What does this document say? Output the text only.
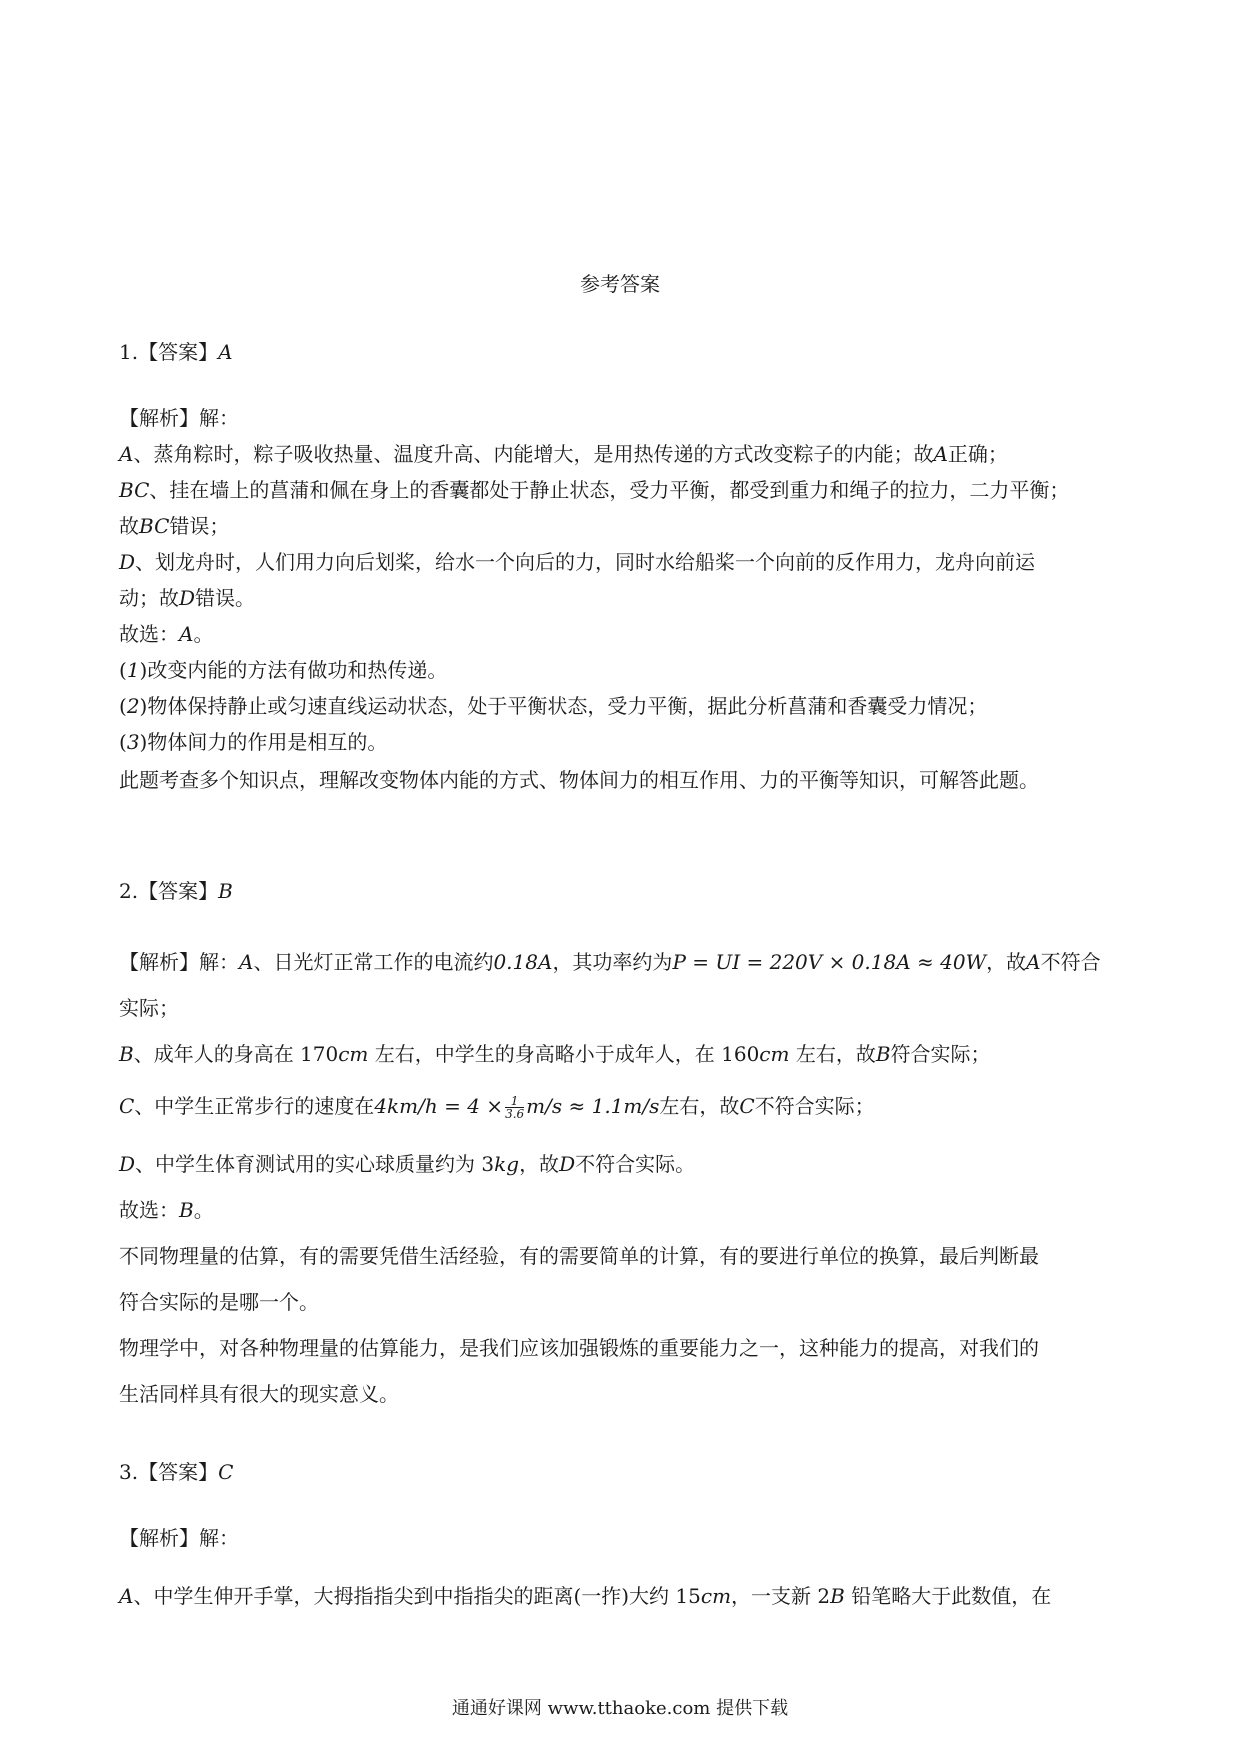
参考答案
1.【答案】A
【解析】解：
A、蒸角粽时，粽子吸收热量、温度升高、内能增大，是用热传递的方式改变粽子的内能；故A正确；
BC、挂在墙上的菖蒲和佩在身上的香囊都处于静止状态，受力平衡，都受到重力和绳子的拉力，二力平衡；
故BC错误；
D、划龙舟时，人们用力向后划桨，给水一个向后的力，同时水给船桨一个向前的反作用力，龙舟向前运
动；故D错误。
故选：A。
(1)改变内能的方法有做功和热传递。
(2)物体保持静止或匀速直线运动状态，处于平衡状态，受力平衡，据此分析菖蒲和香囊受力情况；
(3)物体间力的作用是相互的。
此题考查多个知识点，理解改变物体内能的方式、物体间力的相互作用、力的平衡等知识，可解答此题。
2.【答案】B
【解析】解：A、日光灯正常工作的电流约0.18A，其功率约为P = UI = 220V × 0.18A ≈ 40W，故A不符合
实际；
B、成年人的身高在 170cm 左右，中学生的身高略小于成年人，在 160cm 左右，故B符合实际；
C、中学生正常步行的速度在$4km/h = 4 \times \frac{1}{3.6} m/s \approx 1.1m/s$左右，故C不符合实际；
D、中学生体育测试用的实心球质量约为 3kg，故D不符合实际。
故选：B。
不同物理量的估算，有的需要凭借生活经验，有的需要简单的计算，有的要进行单位的换算，最后判断最
符合实际的是哪一个。
物理学中，对各种物理量的估算能力，是我们应该加强锻炼的重要能力之一，这种能力的提高，对我们的
生活同样具有很大的现实意义。
3.【答案】C
【解析】解：
A、中学生伸开手掌，大拇指指尖到中指指尖的距离(一拃)大约 15cm，一支新 2B 铅笔略大于此数值，在
通通好课网 www.tthaoke.com 提供下载
